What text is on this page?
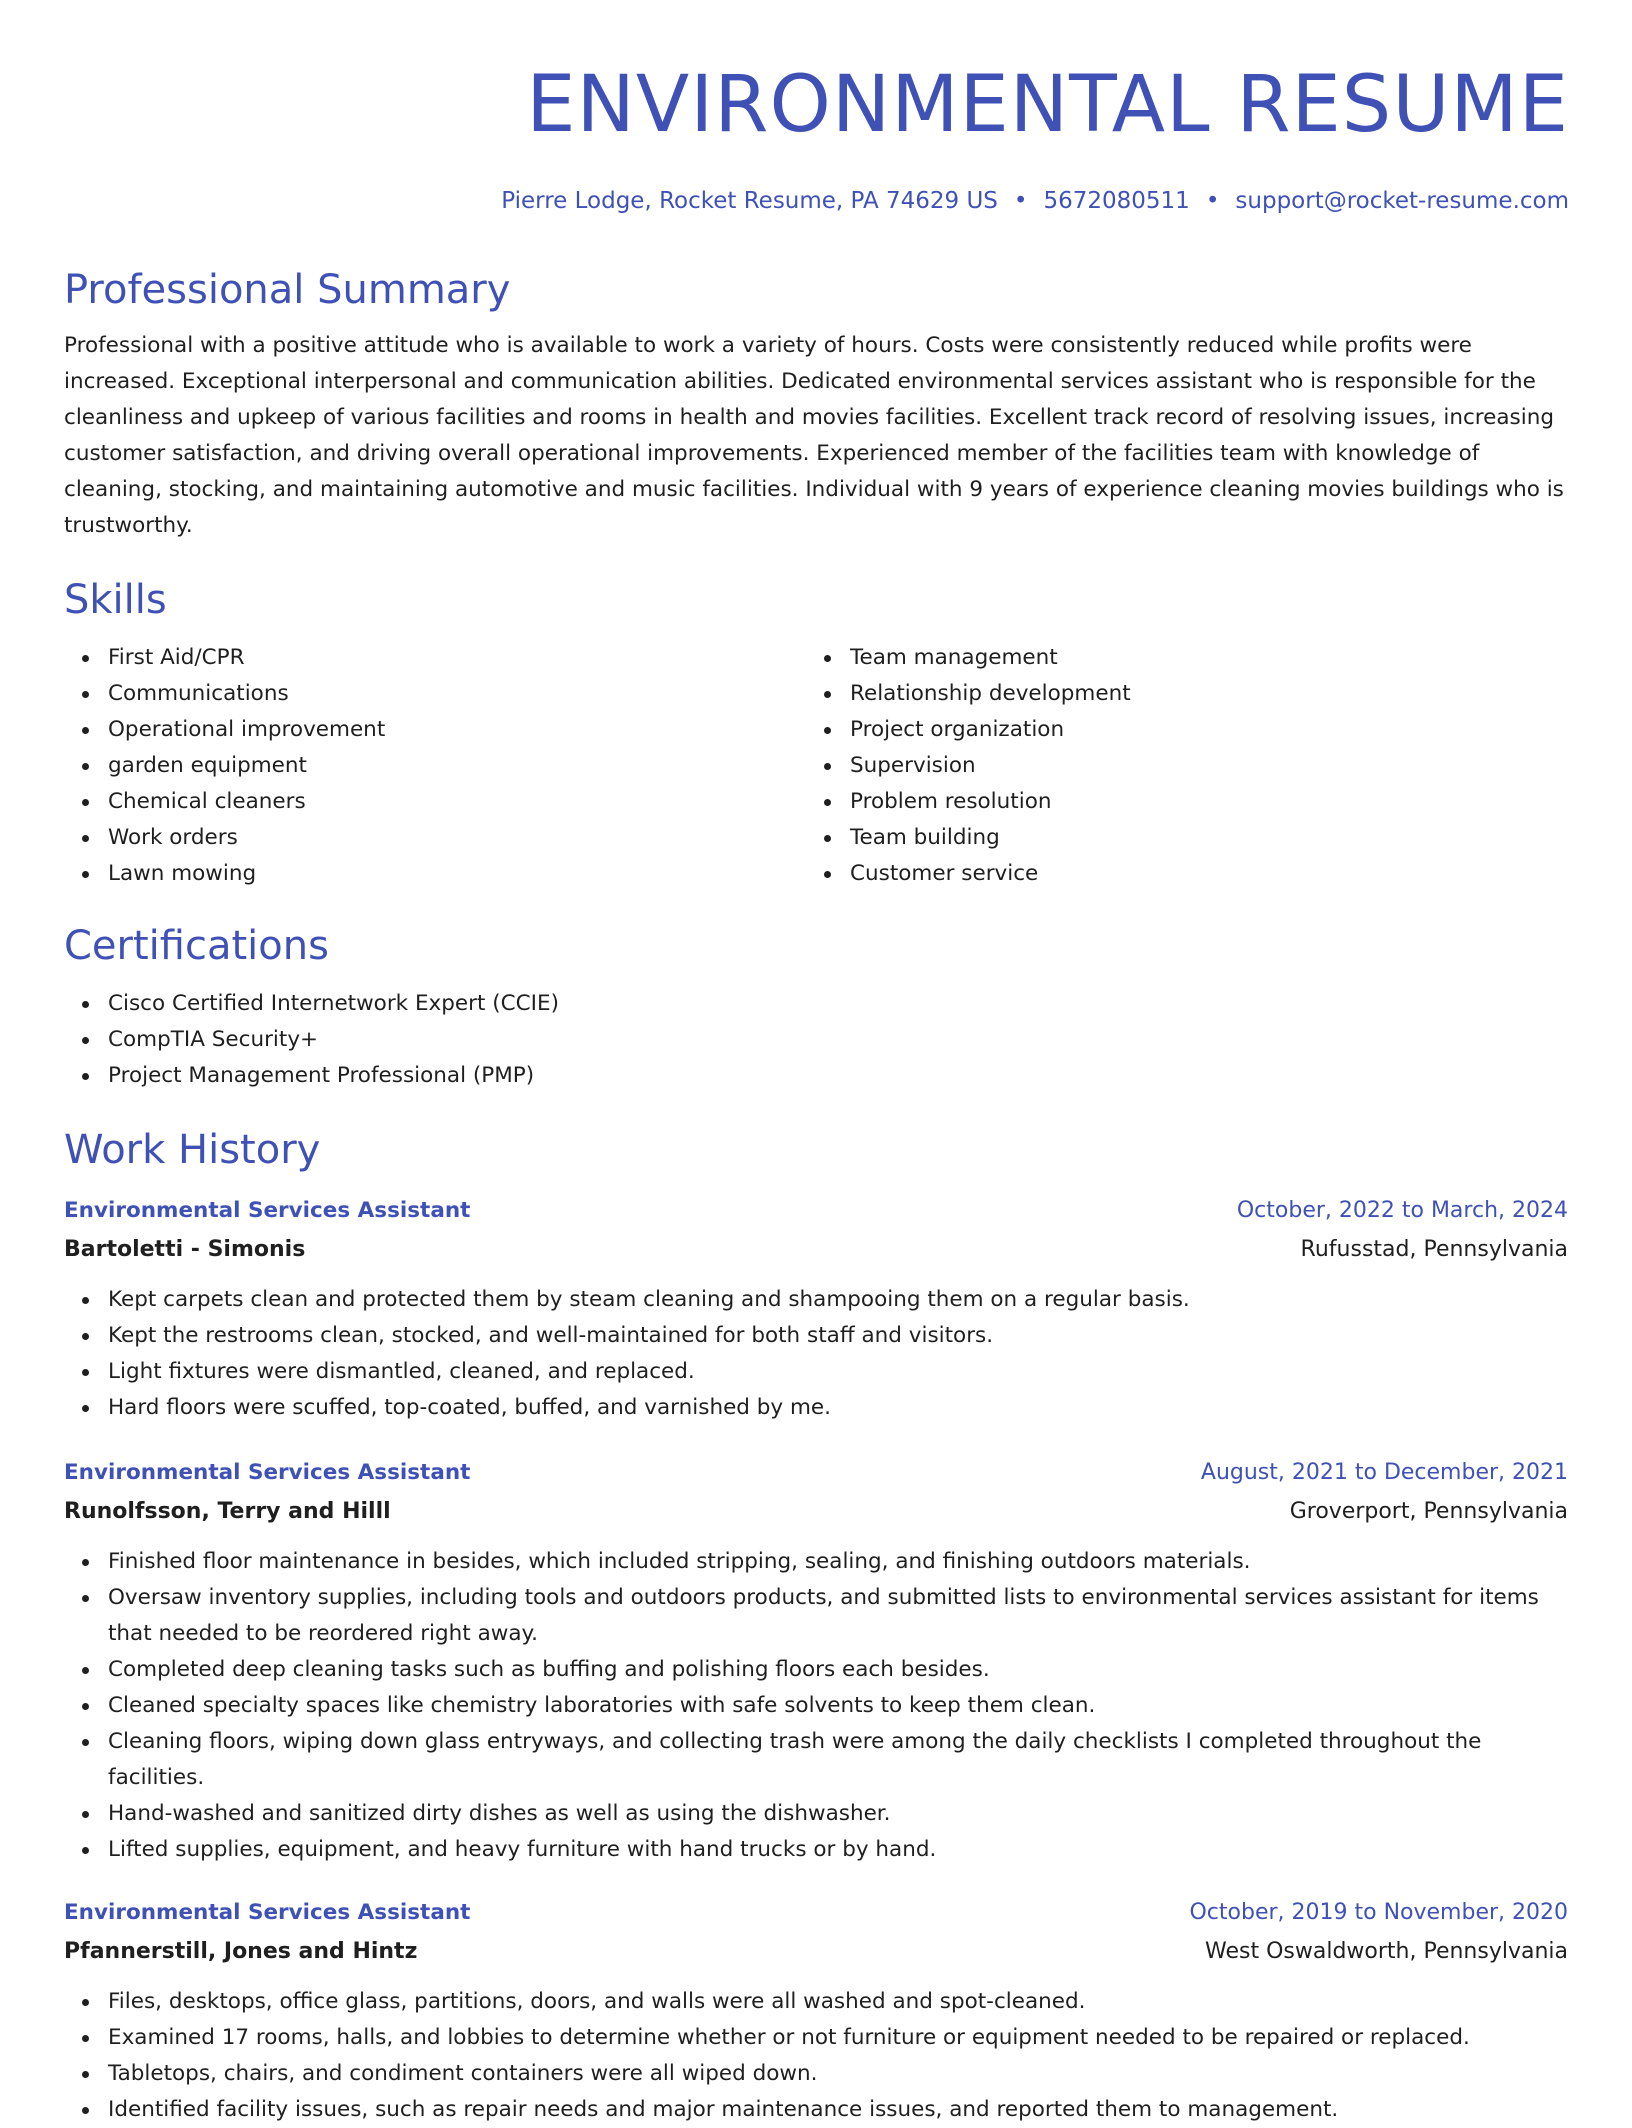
ENVIRONMENTAL RESUME
Pierre Lodge, Rocket Resume, PA 74629 US • 5672080511 • support@rocket-resume.com
Professional Summary

Professional with a positive attitude who is available to work a variety of hours. Costs were consistently reduced while profits were increased. Exceptional interpersonal and communication abilities. Dedicated environmental services assistant who is responsible for the cleanliness and upkeep of various facilities and rooms in health and movies facilities. Excellent track record of resolving issues, increasing customer satisfaction, and driving overall operational improvements. Experienced member of the facilities team with knowledge of cleaning, stocking, and maintaining automotive and music facilities. Individual with 9 years of experience cleaning movies buildings who is trustworthy.

Skills
First Aid/CPR
Communications
Operational improvement
garden equipment
Chemical cleaners
Work orders
Lawn mowing
Team management
Relationship development
Project organization
Supervision
Problem resolution
Team building
Customer service
Certifications
Cisco Certified Internetwork Expert (CCIE)
CompTIA Security+
Project Management Professional (PMP)
Work History
Environmental Services Assistant	October, 2022 to March, 2024
Bartoletti - Simonis	Rufusstad, Pennsylvania
Kept carpets clean and protected them by steam cleaning and shampooing them on a regular basis.
Kept the restrooms clean, stocked, and well-maintained for both staff and visitors.
Light fixtures were dismantled, cleaned, and replaced.
Hard floors were scuffed, top-coated, buffed, and varnished by me.
Environmental Services Assistant	August, 2021 to December, 2021
Runolfsson, Terry and Hilll	Groverport, Pennsylvania
Finished floor maintenance in besides, which included stripping, sealing, and finishing outdoors materials.
Oversaw inventory supplies, including tools and outdoors products, and submitted lists to environmental services assistant for items that needed to be reordered right away.
Completed deep cleaning tasks such as buffing and polishing floors each besides.
Cleaned specialty spaces like chemistry laboratories with safe solvents to keep them clean.
Cleaning floors, wiping down glass entryways, and collecting trash were among the daily checklists I completed throughout the facilities.
Hand-washed and sanitized dirty dishes as well as using the dishwasher.
Lifted supplies, equipment, and heavy furniture with hand trucks or by hand.
Environmental Services Assistant	October, 2019 to November, 2020
Pfannerstill, Jones and Hintz	West Oswaldworth, Pennsylvania
Files, desktops, office glass, partitions, doors, and walls were all washed and spot-cleaned.
Examined 17 rooms, halls, and lobbies to determine whether or not furniture or equipment needed to be repaired or replaced.
Tabletops, chairs, and condiment containers were all wiped down.
Identified facility issues, such as repair needs and major maintenance issues, and reported them to management.
